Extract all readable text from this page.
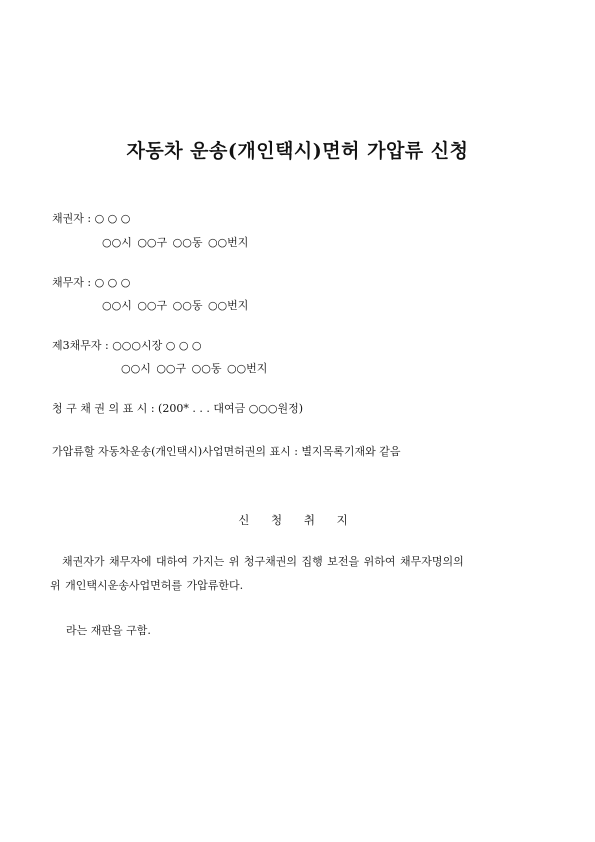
자동차 운송(개인택시)면허 가압류 신청
채권자 : ○ ○ ○
○○시 ○○구 ○○동 ○○번지
채무자 : ○ ○ ○
○○시 ○○구 ○○동 ○○번지
제3채무자 : ○○○시장 ○ ○ ○
○○시 ○○구 ○○동 ○○번지
청 구 채 권 의 표 시 : (200* . . . 대여금 ○○○원정)
가압류할 자동차운송(개인택시)사업면허권의 표시 : 별지목록기재와 같음
신 청 취 지
채권자가 채무자에 대하여 가지는 위 청구채권의 집행 보전을 위하여 채무자명의의
위 개인택시운송사업면허를 가압류한다.
라는 재판을 구함.
